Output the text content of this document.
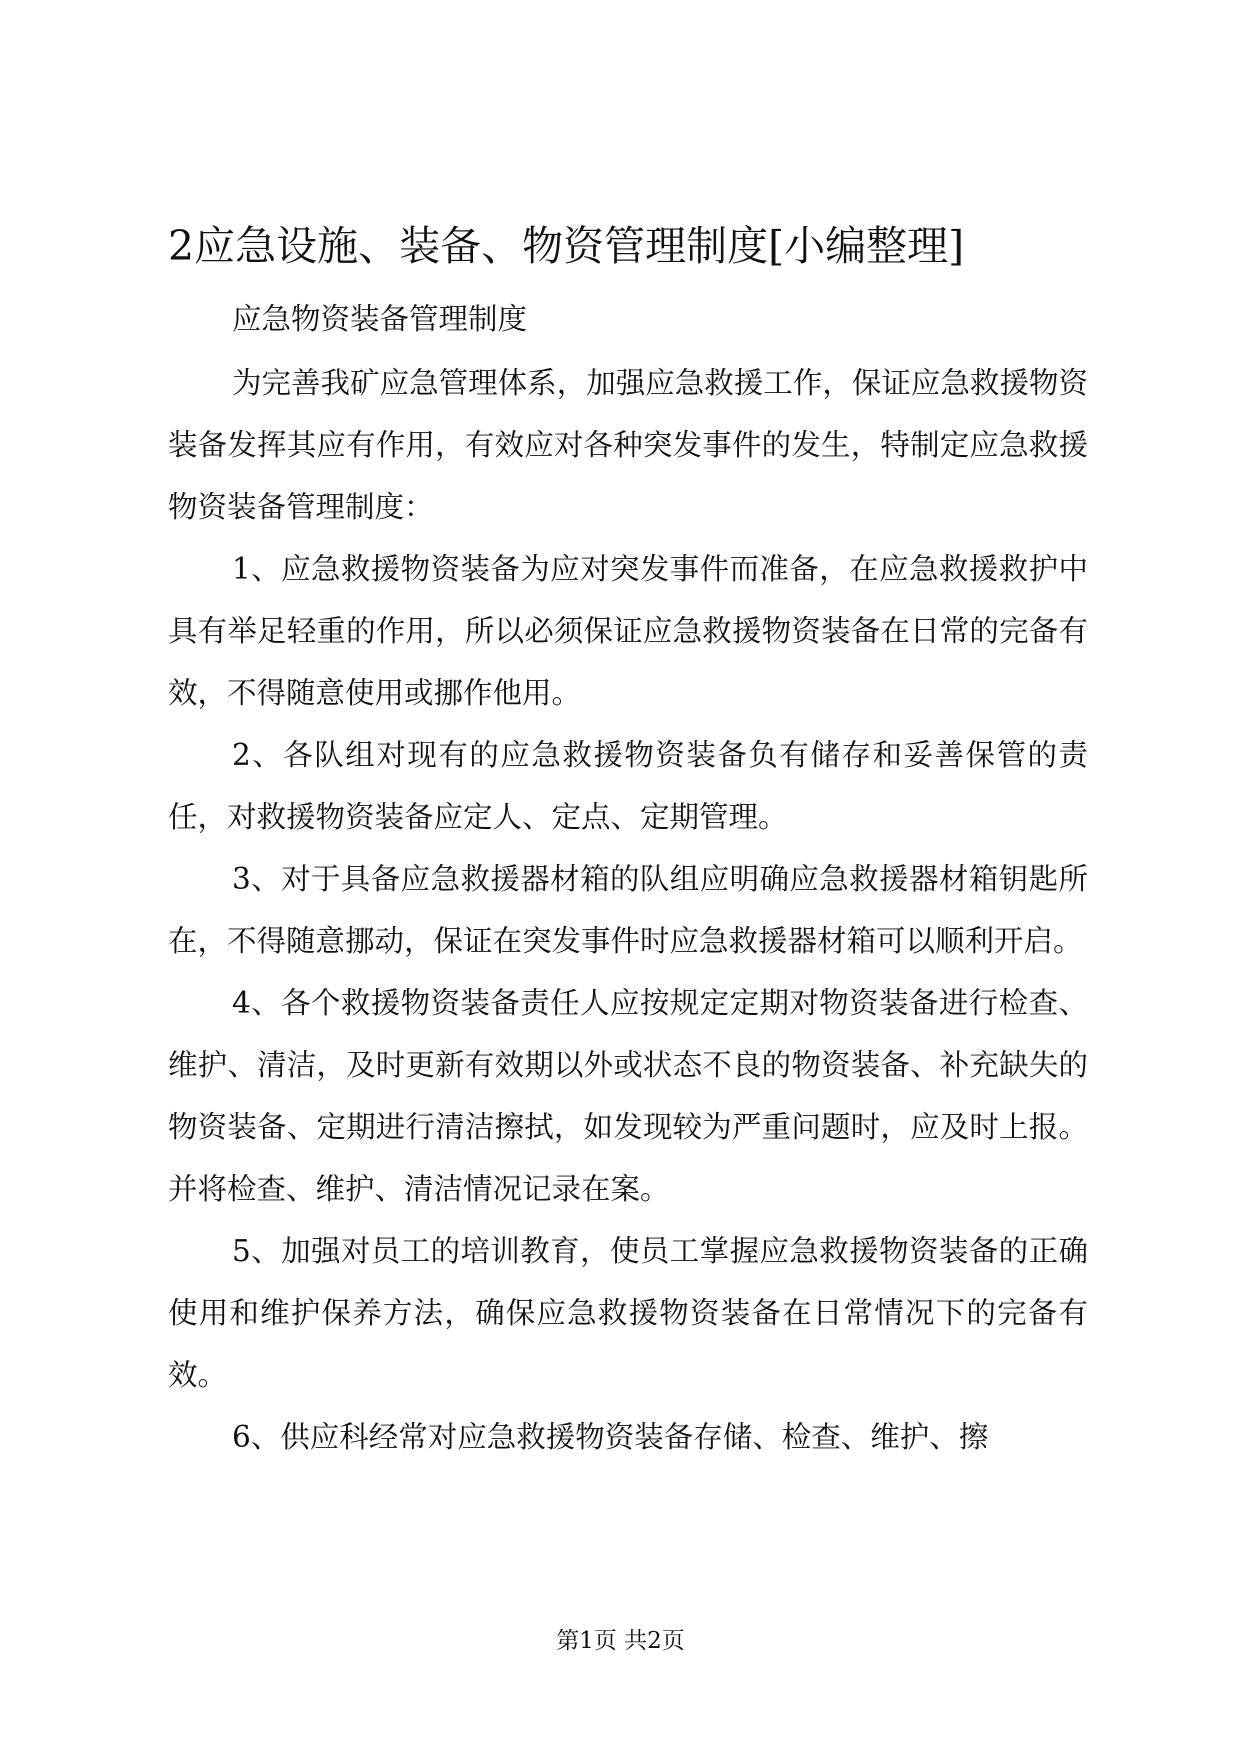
2应急设施、装备、物资管理制度[小编整理]

应急物资装备管理制度

为完善我矿应急管理体系，加强应急救援工作，保证应急救援物资装备发挥其应有作用，有效应对各种突发事件的发生，特制定应急救援物资装备管理制度：

1、应急救援物资装备为应对突发事件而准备，在应急救援救护中具有举足轻重的作用，所以必须保证应急救援物资装备在日常的完备有效，不得随意使用或挪作他用。

2、各队组对现有的应急救援物资装备负有储存和妥善保管的责任，对救援物资装备应定人、定点、定期管理。

3、对于具备应急救援器材箱的队组应明确应急救援器材箱钥匙所在，不得随意挪动，保证在突发事件时应急救援器材箱可以顺利开启。

4、各个救援物资装备责任人应按规定定期对物资装备进行检查、维护、清洁，及时更新有效期以外或状态不良的物资装备、补充缺失的物资装备、定期进行清洁擦拭，如发现较为严重问题时，应及时上报。并将检查、维护、清洁情况记录在案。

5、加强对员工的培训教育，使员工掌握应急救援物资装备的正确使用和维护保养方法，确保应急救援物资装备在日常情况下的完备有效。

6、供应科经常对应急救援物资装备存储、检查、维护、擦

第1页 共2页
